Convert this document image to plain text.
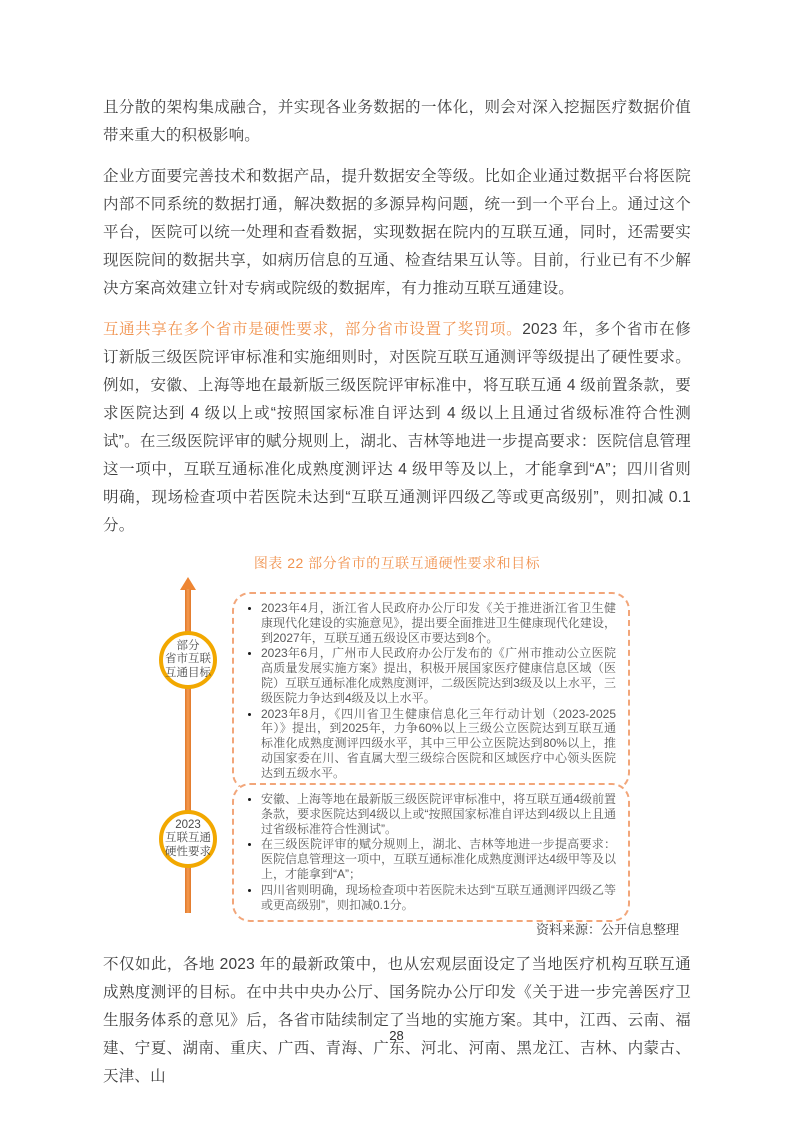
且分散的架构集成融合，并实现各业务数据的一体化，则会对深入挖掘医疗数据价值带来重大的积极影响。

企业方面要完善技术和数据产品，提升数据安全等级。比如企业通过数据平台将医院内部不同系统的数据打通，解决数据的多源异构问题，统一到一个平台上。通过这个平台，医院可以统一处理和查看数据，实现数据在院内的互联互通，同时，还需要实现医院间的数据共享，如病历信息的互通、检查结果互认等。目前，行业已有不少解决方案高效建立针对专病或院级的数据库，有力推动互联互通建设。

互通共享在多个省市是硬性要求，部分省市设置了奖罚项。2023 年，多个省市在修订新版三级医院评审标准和实施细则时，对医院互联互通测评等级提出了硬性要求。例如，安徽、上海等地在最新版三级医院评审标准中，将互联互通 4 级前置条款，要求医院达到 4 级以上或“按照国家标准自评达到 4 级以上且通过省级标准符合性测试”。在三级医院评审的赋分规则上，湖北、吉林等地进一步提高要求：医院信息管理这一项中，互联互通标准化成熟度测评达 4 级甲等及以上，才能拿到“A”；四川省则明确，现场检查项中若医院未达到“互联互通测评四级乙等或更高级别”，则扣减 0.1 分。

图表 22 部分省市的互联互通硬性要求和目标
部分
省市互联
互通目标
2023
互联互通
硬性要求
• 2023年4月，浙江省人民政府办公厅印发《关于推进浙江省卫生健康现代化建设的实施意见》，提出要全面推进卫生健康现代化建设，到2027年，互联互通五级设区市要达到8个。
• 2023年6月，广州市人民政府办公厅发布的《广州市推动公立医院高质量发展实施方案》提出，积极开展国家医疗健康信息区域（医院）互联互通标准化成熟度测评，二级医院达到3级及以上水平，三级医院力争达到4级及以上水平。
• 2023年8月，《四川省卫生健康信息化三年行动计划（2023-2025年）》提出，到2025年，力争60%以上三级公立医院达到互联互通标准化成熟度测评四级水平，其中三甲公立医院达到80%以上，推动国家委在川、省直属大型三级综合医院和区域医疗中心领头医院达到五级水平。
• 安徽、上海等地在最新版三级医院评审标准中，将互联互通4级前置条款，要求医院达到4级以上或“按照国家标准自评达到4级以上且通过省级标准符合性测试”。
• 在三级医院评审的赋分规则上，湖北、吉林等地进一步提高要求：医院信息管理这一项中，互联互通标准化成熟度测评达4级甲等及以上，才能拿到“A”；
• 四川省则明确，现场检查项中若医院未达到“互联互通测评四级乙等或更高级别”，则扣减0.1分。
资料来源：公开信息整理

不仅如此，各地 2023 年的最新政策中，也从宏观层面设定了当地医疗机构互联互通成熟度测评的目标。在中共中央办公厅、国务院办公厅印发《关于进一步完善医疗卫生服务体系的意见》后，各省市陆续制定了当地的实施方案。其中，江西、云南、福建、宁夏、湖南、重庆、广西、青海、广东、河北、河南、黑龙江、吉林、内蒙古、天津、山

28
